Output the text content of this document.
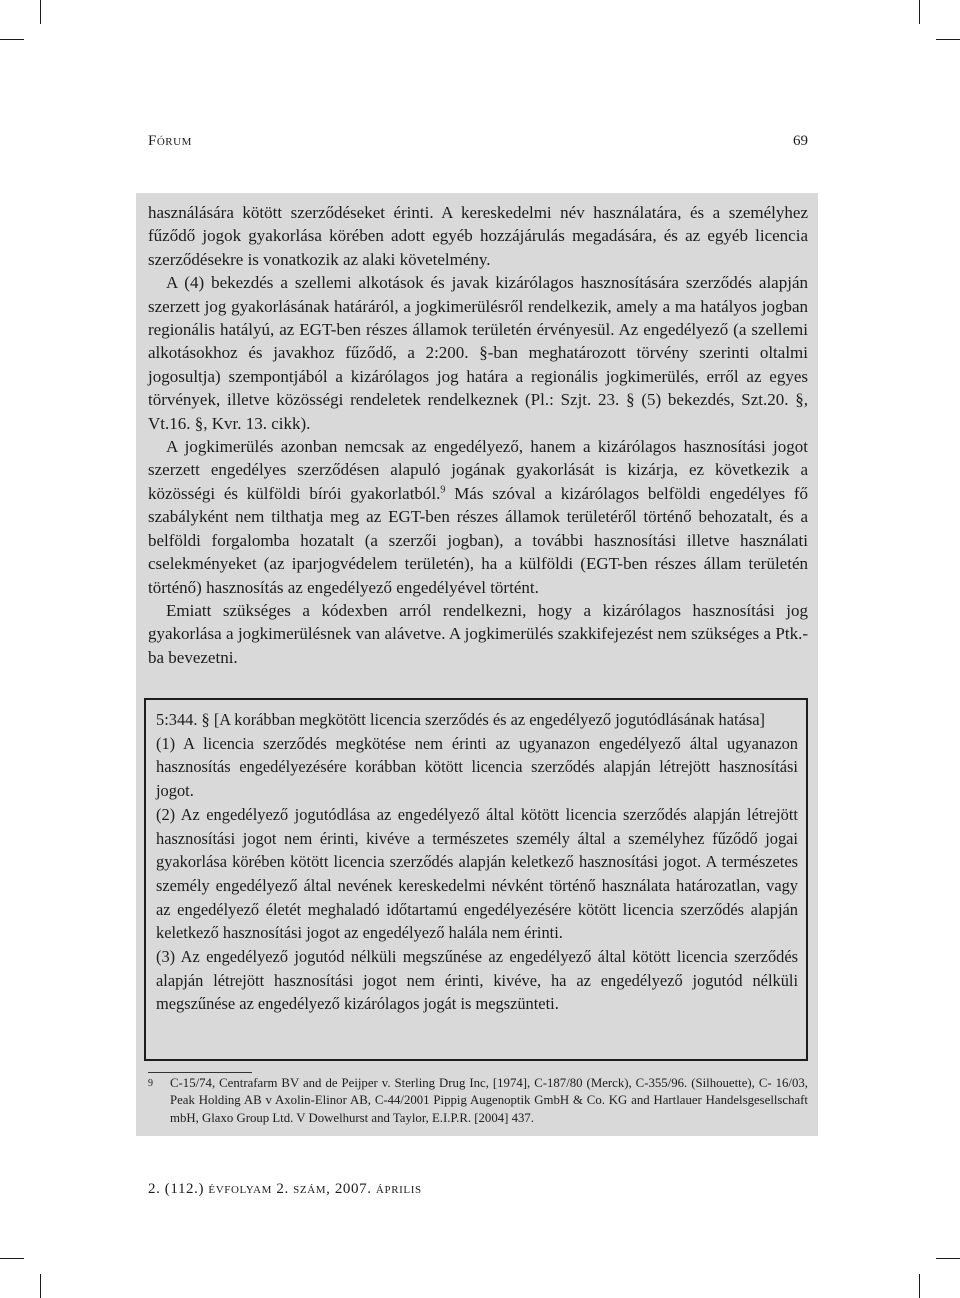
Fórum	69

használására kötött szerződéseket érinti. A kereskedelmi név használatára, és a személyhez fűződő jogok gyakorlása körében adott egyéb hozzájárulás megadására, és az egyéb licencia szerződésekre is vonatkozik az alaki követelmény.

A (4) bekezdés a szellemi alkotások és javak kizárólagos hasznosítására szerződés alapján szerzett jog gyakorlásának határáról, a jogkimerülésről rendelkezik, amely a ma hatályos jogban regionális hatályú, az EGT-ben részes államok területén érvényesül. Az engedélyező (a szellemi alkotásokhoz és javakhoz fűződő, a 2:200. §-ban meghatározott törvény szerinti oltalmi jogosultja) szempontjából a kizárólagos jog határa a regionális jogkimerülés, erről az egyes törvények, illetve közösségi rendeletek rendelkeznek (Pl.: Szjt. 23. § (5) bekezdés, Szt.20. §, Vt.16. §, Kvr. 13. cikk).

A jogkimerülés azonban nemcsak az engedélyező, hanem a kizárólagos hasznosítási jogot szerzett engedélyes szerződésen alapuló jogának gyakorlását is kizárja, ez következik a közösségi és külföldi bírói gyakorlatból.$^9$ Más szóval a kizárólagos belföldi engedélyes fő szabályként nem tilthatja meg az EGT-ben részes államok területéről történő behozatalt, és a belföldi forgalomba hozatalt (a szerzői jogban), a további hasznosítási illetve használati cselekményeket (az iparjogvédelem területén), ha a külföldi (EGT-ben részes állam területén történő) hasznosítás az engedélyező engedélyével történt.

Emiatt szükséges a kódexben arról rendelkezni, hogy a kizárólagos hasznosítási jog gyakorlása a jogkimerülésnek van alávetve. A jogkimerülés szakkifejezést nem szükséges a Ptk.-ba bevezetni.

5:344. § [A korábban megkötött licencia szerződés és az engedélyező jogutódlásának hatása]

(1) A licencia szerződés megkötése nem érinti az ugyanazon engedélyező által ugyanazon hasznosítás engedélyezésére korábban kötött licencia szerződés alapján létrejött hasznosítási jogot.

(2) Az engedélyező jogutódlása az engedélyező által kötött licencia szerződés alapján létrejött hasznosítási jogot nem érinti, kivéve a természetes személy által a személyhez fűződő jogai gyakorlása körében kötött licencia szerződés alapján keletkező hasznosítási jogot. A természetes személy engedélyező által nevének kereskedelmi névként történő használata határozatlan, vagy az engedélyező életét meghaladó időtartamú engedélyezésére kötött licencia szerződés alapján keletkező hasznosítási jogot az engedélyező halála nem érinti.

(3) Az engedélyező jogutód nélküli megszűnése az engedélyező által kötött licencia szerződés alapján létrejött hasznosítási jogot nem érinti, kivéve, ha az engedélyező jogutód nélküli megszűnése az engedélyező kizárólagos jogát is megszünteti.

9 C-15/74, Centrafarm BV and de Peijper v. Sterling Drug Inc, [1974], C-187/80 (Merck), C-355/96. (Silhouette), C- 16/03, Peak Holding AB v Axolin-Elinor AB, C-44/2001 Pippig Augenoptik GmbH & Co. KG and Hartlauer Handelsgesellschaft mbH, Glaxo Group Ltd. V Dowelhurst and Taylor, E.I.P.R. [2004] 437.
2. (112.) évfolyam 2. szám, 2007. április
